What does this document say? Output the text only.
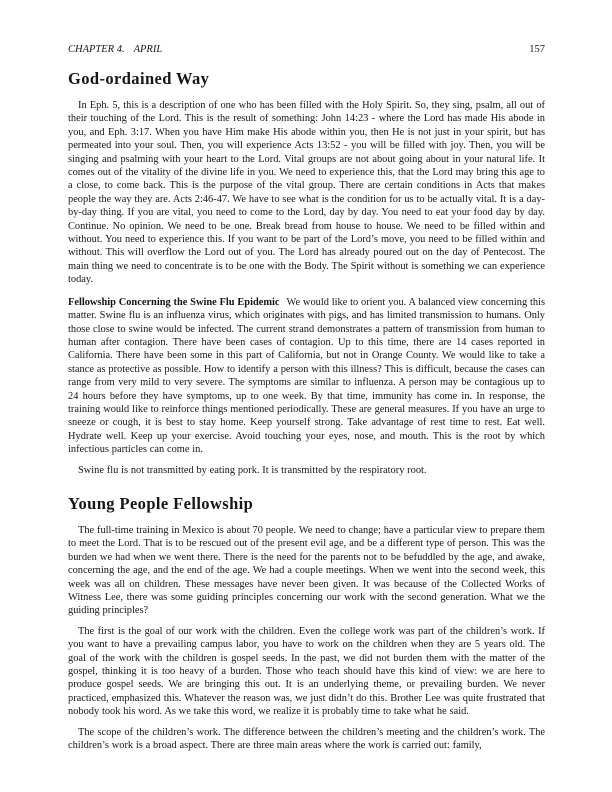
CHAPTER 4. APRIL	157
God-ordained Way

In Eph. 5, this is a description of one who has been filled with the Holy Spirit. So, they sing, psalm, all out of their touching of the Lord. This is the result of something: John 14:23 - where the Lord has made His abode in you, and Eph. 3:17. When you have Him make His abode within you, then He is not just in your spirit, but has permeated into your soul. Then, you will experience Acts 13:52 - you will be filled with joy. Then, you will be singing and psalming with your heart to the Lord. Vital groups are not about going about in your natural life. It comes out of the vitality of the divine life in you. We need to experience this, that the Lord may bring this age to a close, to come back. This is the purpose of the vital group. There are certain conditions in Acts that makes people the way they are. Acts 2:46-47. We have to see what is the condition for us to be actually vital. It is a day-by-day thing. If you are vital, you need to come to the Lord, day by day. You need to eat your food day by day. Continue. No opinion. We need to be one. Break bread from house to house. We need to be filled within and without. You need to experience this. If you want to be part of the Lord’s move, you need to be filled within and without. This will overflow the Lord out of you. The Lord has already poured out on the day of Pentecost. The main thing we need to concentrate is to be one with the Body. The Spirit without is something we can experience today.

Fellowship Concerning the Swine Flu Epidemic We would like to orient you. A balanced view concerning this matter. Swine flu is an influenza virus, which originates with pigs, and has limited transmission to humans. Only those close to swine would be infected. The current strand demonstrates a pattern of transmission from human to human after contagion. There have been cases of contagion. Up to this time, there are 14 cases reported in California. There have been some in this part of California, but not in Orange County. We would like to take a stance as protective as possible. How to identify a person with this illness? This is difficult, because the cases can range from very mild to very severe. The symptoms are similar to influenza. A person may be contagious up to 24 hours before they have symptoms, up to one week. By that time, immunity has come in. In response, the training would like to reinforce things mentioned periodically. These are general measures. If you have an urge to sneeze or cough, it is best to stay home. Keep yourself strong. Take advantage of rest time to rest. Eat well. Hydrate well. Keep up your exercise. Avoid touching your eyes, nose, and mouth. This is the root by which infectious particles can come in.

Swine flu is not transmitted by eating pork. It is transmitted by the respiratory root.

Young People Fellowship

The full-time training in Mexico is about 70 people. We need to change; have a particular view to prepare them to meet the Lord. That is to be rescued out of the present evil age, and be a different type of person. This was the burden we had when we went there. There is the need for the parents not to be befuddled by the age, and awake, concerning the age, and the end of the age. We had a couple meetings. When we went into the second week, this week was all on children. These messages have never been given. It was because of the Collected Works of Witness Lee, there was some guiding principles concerning our work with the second generation. What we the guiding principles?

The first is the goal of our work with the children. Even the college work was part of the children’s work. If you want to have a prevailing campus labor, you have to work on the children when they are 5 years old. The goal of the work with the children is gospel seeds. In the past, we did not burden them with the matter of the gospel, thinking it is too heavy of a burden. Those who teach should have this kind of view: we are here to produce gospel seeds. We are bringing this out. It is an underlying theme, or prevailing burden. We never practiced, emphasized this. Whatever the reason was, we just didn’t do this. Brother Lee was quite frustrated that nobody took his word. As we take this word, we realize it is probably time to take what he said.

The scope of the children’s work. The difference between the children’s meeting and the children’s work. The children’s work is a broad aspect. There are three main areas where the work is carried out: family,
